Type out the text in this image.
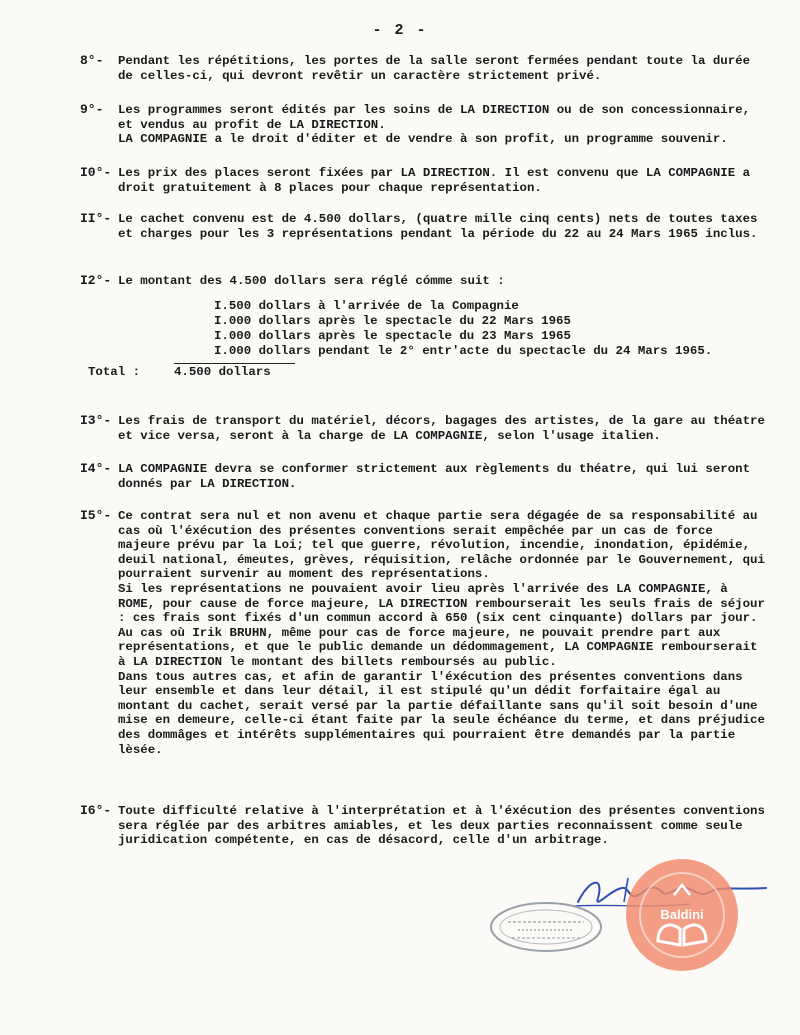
- 2 -
8°-	Pendant les répétitions, les portes de la salle seront fermées pendant toute la durée de celles-ci, qui devront revêtir un caractère strictement privé.

9°-	Les programmes seront édités par les soins de LA DIRECTION ou de son concessionnaire, et vendus au profit de LA DIRECTION.

LA COMPAGNIE a le droit d'éditer et de vendre à son profit, un programme souvenir.

I0°- Les prix des places seront fixées par LA DIRECTION. Il est convenu que LA COMPAGNIE a droit gratuitement à 8 places pour chaque représentation.

II°- Le cachet convenu est de 4.500 dollars, (quatre mille cinq cents) nets de toutes taxes et charges pour les 3 représentations pendant la période du 22 au 24 Mars 1965 inclus.

I2°- Le montant des 4.500 dollars sera réglé cómme suit :

I.500 dollars à l'arrivée de la Compagnie
I.000 dollars après le spectacle du 22 Mars 1965
I.000 dollars après le spectacle du 23 Mars 1965
I.000 dollars pendant le 2° entr'acte du spectacle du 24 Mars 1965.
Total :	4.500 dollars
I3°- Les frais de transport du matériel, décors, bagages des artistes, de la gare au théatre et vice versa, seront à la charge de LA COMPAGNIE, selon l'usage italien.

I4°- LA COMPAGNIE devra se conformer strictement aux règlements du théatre, qui lui seront donnés par LA DIRECTION.

I5°- Ce contrat sera nul et non avenu et chaque partie sera dégagée de sa responsabilité au cas où l'éxécution des présentes conventions serait empêchée par un cas de force majeure prévu par la Loi; tel que guerre, révolution, incendie, inondation, épidémie, deuil national, émeutes, grèves, réquisition, relâche ordonnée par le Gouvernement, qui pourraient survenir au moment des représentations.

Si les représentations ne pouvaient avoir lieu après l'arrivée des LA COMPAGNIE, à ROME, pour cause de force majeure, LA DIRECTION rembourserait les seuls frais de séjour : ces frais sont fixés d'un commun accord à 650 (six cent cinquante) dollars par jour.

Au cas où Irik BRUHN, même pour cas de force majeure, ne pouvait prendre part aux représentations, et que le public demande un dédommagement, LA COMPAGNIE rembourserait à LA DIRECTION le montant des billets remboursés au public.

Dans tous autres cas, et afin de garantir l'éxécution des présentes conventions dans leur ensemble et dans leur détail, il est stipulé qu'un dédit forfaitaire égal au montant du cachet, serait versé par la partie défaillante sans qu'il soit besoin d'une mise en demeure, celle-ci étant faite par la seule échéance du terme, et dans préjudice des dommâges et intérêts supplémentaires qui pourraient être demandés par la partie lèsée.

I6°- Toute difficulté relative à l'interprétation et à l'éxécution des présentes conventions sera réglée par des arbitres amiables, et les deux parties reconnaissent comme seule juridication compétente, en cas de désacord, celle d'un arbitrage.

Baldini
